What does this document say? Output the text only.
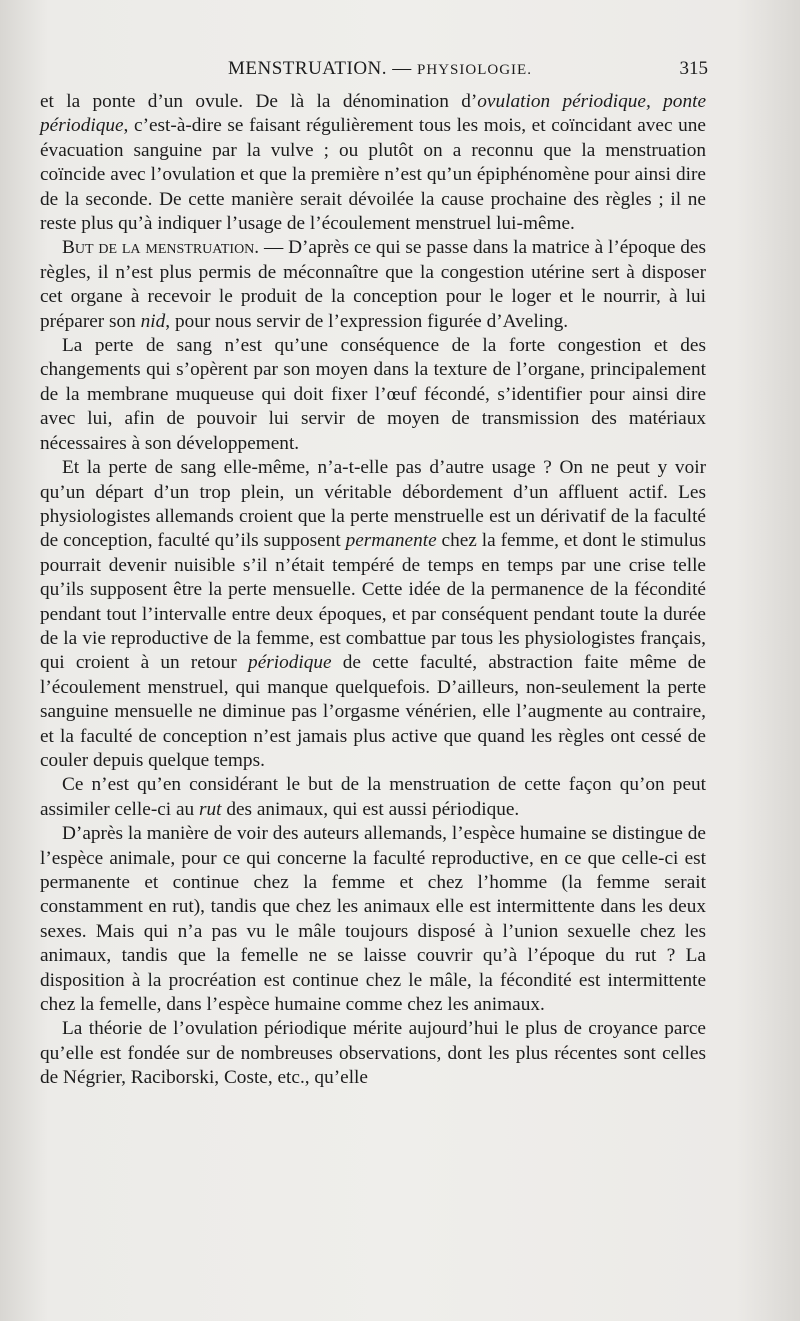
MENSTRUATION. — PHYSIOLOGIE.	315

et la ponte d’un ovule. De là la dénomination d’ovulation périodique, ponte périodique, c’est-à-dire se faisant régulièrement tous les mois, et coïncidant avec une évacuation sanguine par la vulve ; ou plutôt on a reconnu que la menstruation coïncide avec l’ovulation et que la première n’est qu’un épiphénomène pour ainsi dire de la seconde. De cette manière serait dévoilée la cause prochaine des règles ; il ne reste plus qu’à indiquer l’usage de l’écoulement menstruel lui-même.

But de la menstruation. — D’après ce qui se passe dans la matrice à l’époque des règles, il n’est plus permis de méconnaître que la congestion utérine sert à disposer cet organe à recevoir le produit de la conception pour le loger et le nourrir, à lui préparer son nid, pour nous servir de l’expression figurée d’Aveling.

La perte de sang n’est qu’une conséquence de la forte congestion et des changements qui s’opèrent par son moyen dans la texture de l’organe, principalement de la membrane muqueuse qui doit fixer l’œuf fécondé, s’identifier pour ainsi dire avec lui, afin de pouvoir lui servir de moyen de transmission des matériaux nécessaires à son développement.

Et la perte de sang elle-même, n’a-t-elle pas d’autre usage ? On ne peut y voir qu’un départ d’un trop plein, un véritable débordement d’un affluent actif. Les physiologistes allemands croient que la perte menstruelle est un dérivatif de la faculté de conception, faculté qu’ils supposent permanente chez la femme, et dont le stimulus pourrait devenir nuisible s’il n’était tempéré de temps en temps par une crise telle qu’ils supposent être la perte mensuelle. Cette idée de la permanence de la fécondité pendant tout l’intervalle entre deux époques, et par conséquent pendant toute la durée de la vie reproductive de la femme, est combattue par tous les physiologistes français, qui croient à un retour périodique de cette faculté, abstraction faite même de l’écoulement menstruel, qui manque quelquefois. D’ailleurs, non-seulement la perte sanguine mensuelle ne diminue pas l’orgasme vénérien, elle l’augmente au contraire, et la faculté de conception n’est jamais plus active que quand les règles ont cessé de couler depuis quelque temps.

Ce n’est qu’en considérant le but de la menstruation de cette façon qu’on peut assimiler celle-ci au rut des animaux, qui est aussi périodique.

D’après la manière de voir des auteurs allemands, l’espèce humaine se distingue de l’espèce animale, pour ce qui concerne la faculté reproductive, en ce que celle-ci est permanente et continue chez la femme et chez l’homme (la femme serait constamment en rut), tandis que chez les animaux elle est intermittente dans les deux sexes. Mais qui n’a pas vu le mâle toujours disposé à l’union sexuelle chez les animaux, tandis que la femelle ne se laisse couvrir qu’à l’époque du rut ? La disposition à la procréation est continue chez le mâle, la fécondité est intermittente chez la femelle, dans l’espèce humaine comme chez les animaux.

La théorie de l’ovulation périodique mérite aujourd’hui le plus de croyance parce qu’elle est fondée sur de nombreuses observations, dont les plus récentes sont celles de Négrier, Raciborski, Coste, etc., qu’elle
